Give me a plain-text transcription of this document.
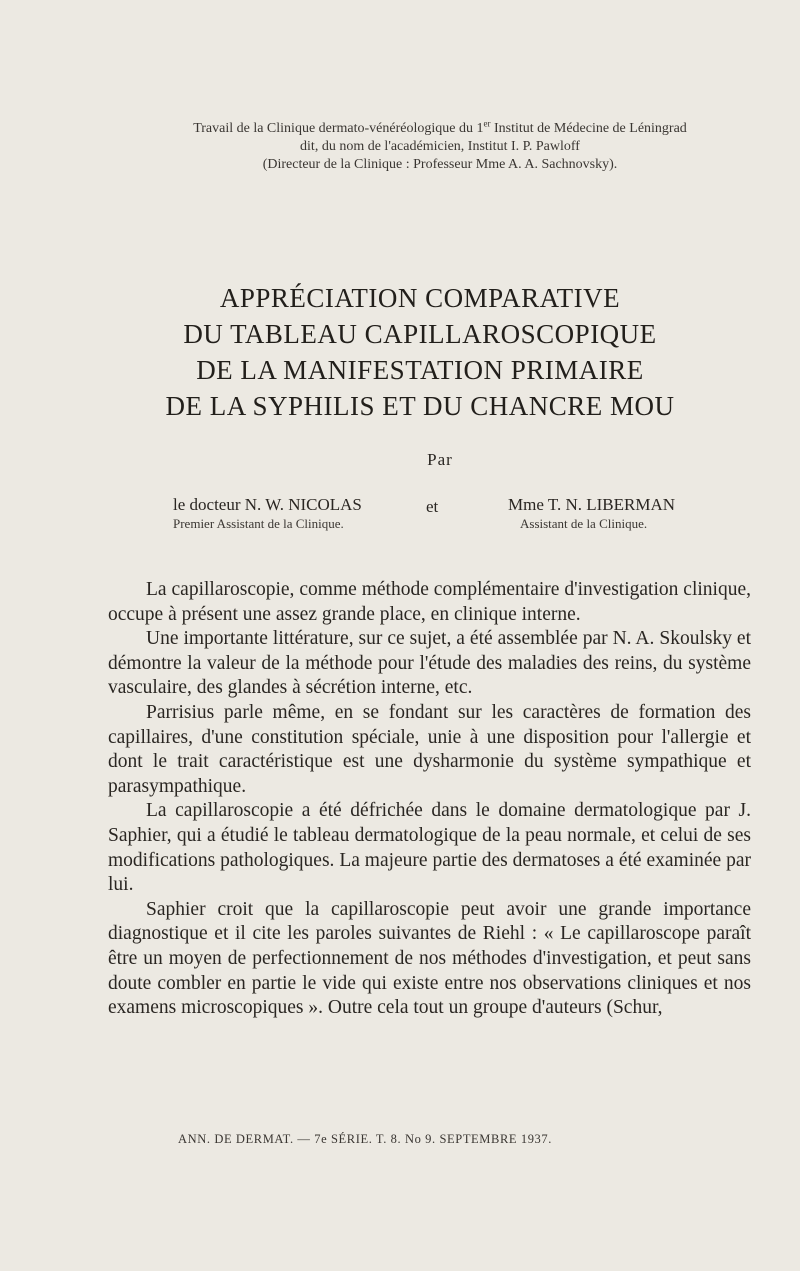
Travail de la Clinique dermato-vénéréologique du 1er Institut de Médecine de Léningrad
dit, du nom de l'académicien, Institut I. P. Pawloff
(Directeur de la Clinique : Professeur Mme A. A. Sachnovsky).
APPRÉCIATION COMPARATIVE
DU TABLEAU CAPILLAROSCOPIQUE
DE LA MANIFESTATION PRIMAIRE
DE LA SYPHILIS ET DU CHANCRE MOU
Par
le docteur N. W. NICOLAS
Premier Assistant de la Clinique.
et	Mme T. N. LIBERMAN
Assistant de la Clinique.

La capillaroscopie, comme méthode complémentaire d'investigation clinique, occupe à présent une assez grande place, en clinique interne.

Une importante littérature, sur ce sujet, a été assemblée par N. A. Skoulsky et démontre la valeur de la méthode pour l'étude des maladies des reins, du système vasculaire, des glandes à sécrétion interne, etc.

Parrisius parle même, en se fondant sur les caractères de formation des capillaires, d'une constitution spéciale, unie à une disposition pour l'allergie et dont le trait caractéristique est une dysharmonie du système sympathique et parasympathique.

La capillaroscopie a été défrichée dans le domaine dermatologique par J. Saphier, qui a étudié le tableau dermatologique de la peau normale, et celui de ses modifications pathologiques. La majeure partie des dermatoses a été examinée par lui.

Saphier croit que la capillaroscopie peut avoir une grande importance diagnostique et il cite les paroles suivantes de Riehl : « Le capillaroscope paraît être un moyen de perfectionnement de nos méthodes d'investigation, et peut sans doute combler en partie le vide qui existe entre nos observations cliniques et nos examens microscopiques ». Outre cela tout un groupe d'auteurs (Schur,

ANN. DE DERMAT. — 7e SÉRIE. T. 8. No 9. SEPTEMBRE 1937.
